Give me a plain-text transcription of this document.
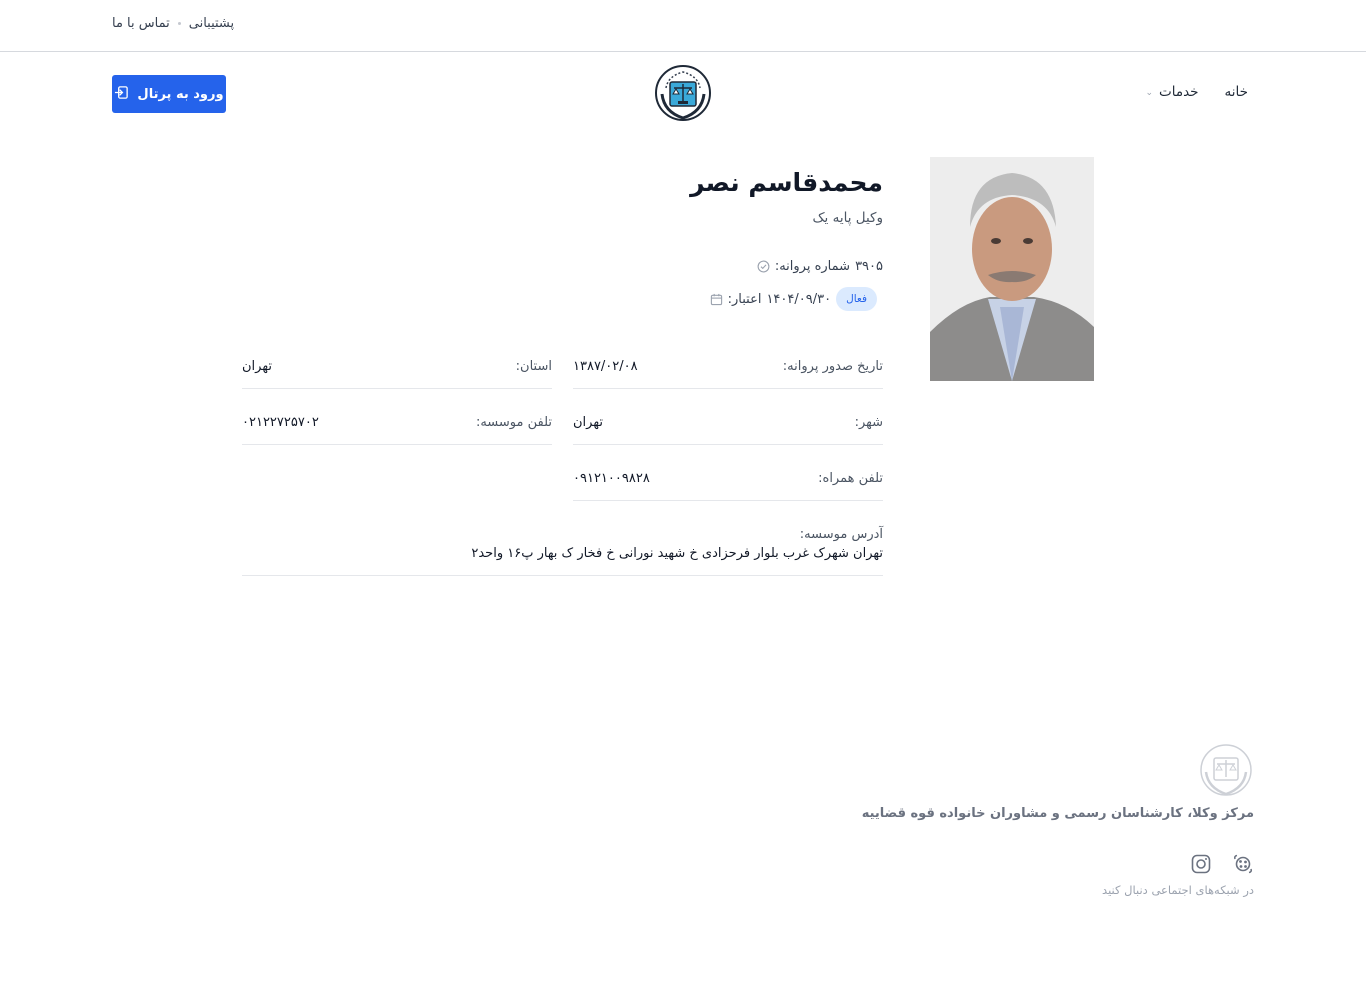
پشتیبانی
تماس با ما
خانه
خدمات
⌄
ورود به پرتال
محمدقاسم نصر
وکیل پایه یک
شماره پروانه: ۳۹۰۵
اعتبار: ۱۴۰۴/۰۹/۳۰	فعال
۱۳۸۷/۰۲/۰۸	تاریخ صدور پروانه:
تهران	استان:
تهران	شهر:
۰۲۱۲۲۷۲۵۷۰۲	تلفن موسسه:
۰۹۱۲۱۰۰۹۸۲۸	تلفن همراه:
آدرس موسسه:
تهران شهرک غرب بلوار فرحزادی خ شهید نورانی خ فخار ک بهار پ۱۶ واحد۲
مرکز وکلا، کارشناسان رسمی و مشاوران خانواده قوه قضاییه
در شبکه‌های اجتماعی دنبال کنید
